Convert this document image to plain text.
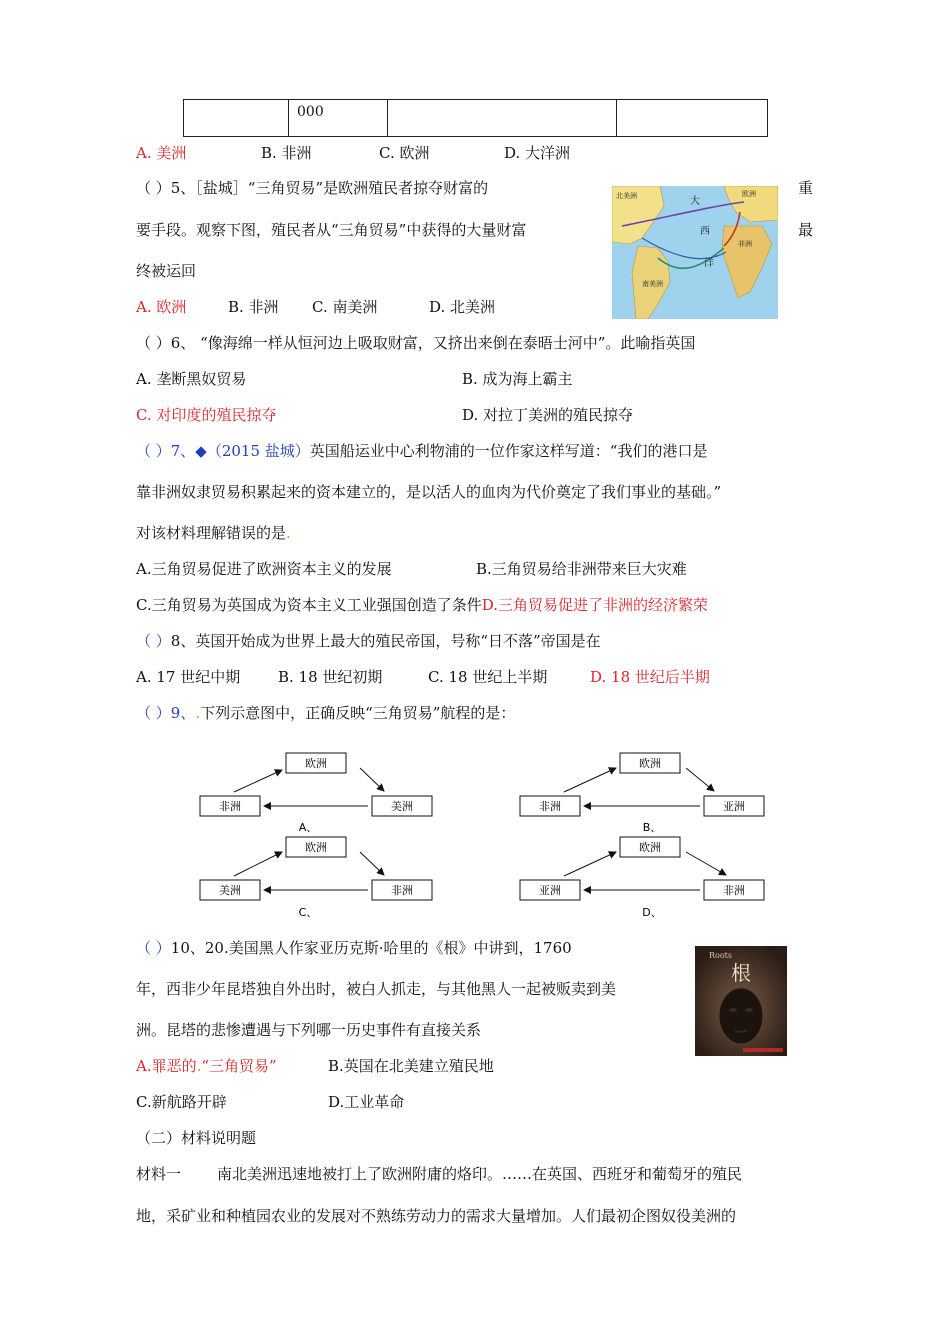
	000		
A. 美洲	B. 非洲	C. 欧洲	D. 大洋洲
（ ）5、［盐城］“三角贸易”是欧洲殖民者掠夺财富的	重
要手段。观察下图，殖民者从“三角贸易”中获得的大量财富	最
终被运回
A. 欧洲	B. 非洲 C. 南美洲	D. 北美洲
北美洲	欧洲
大
西
洋
非洲
南美洲
（ ）6、 “像海绵一样从恒河边上吸取财富，又挤出来倒在泰晤士河中”。此喻指英国
A. 垄断黑奴贸易	B. 成为海上霸主
C. 对印度的殖民掠夺	D. 对拉丁美洲的殖民掠夺
（ ）7、◆（2015 盐城）英国船运业中心利物浦的一位作家这样写道：“我们的港口是
靠非洲奴隶贸易积累起来的资本建立的，是以活人的血肉为代价奠定了我们事业的基础。”
对该材料理解错误的是.
A.三角贸易促进了欧洲资本主义的发展	B.三角贸易给非洲带来巨大灾难
C.三角贸易为英国成为资本主义工业强国创造了条件D.三角贸易促进了非洲的经济繁荣
（ ）8、英国开始成为世界上最大的殖民帝国，号称“日不落”帝国是在
A. 17 世纪中期	B. 18 世纪初期	C. 18 世纪上半期	D. 18 世纪后半期
（ ）9、.下列示意图中，正确反映“三角贸易”航程的是：
欧洲
非洲	美洲
A、
欧洲
非洲	亚洲
B、
欧洲
美洲	非洲
C、
欧洲
亚洲	非洲
D、
（ ）10、20.美国黑人作家亚历克斯·哈里的《根》中讲到，1760
年，西非少年昆塔独自外出时，被白人抓走，与其他黑人一起被贩卖到美
洲。昆塔的悲惨遭遇与下列哪一历史事件有直接关系
A.罪恶的.“三角贸易”	B.英国在北美建立殖民地
C.新航路开辟	D.工业革命
Roots
根
（二）材料说明题
材料一 南北美洲迅速地被打上了欧洲附庸的烙印。……在英国、西班牙和葡萄牙的殖民
地，采矿业和种植园农业的发展对不熟练劳动力的需求大量增加。人们最初企图奴役美洲的
